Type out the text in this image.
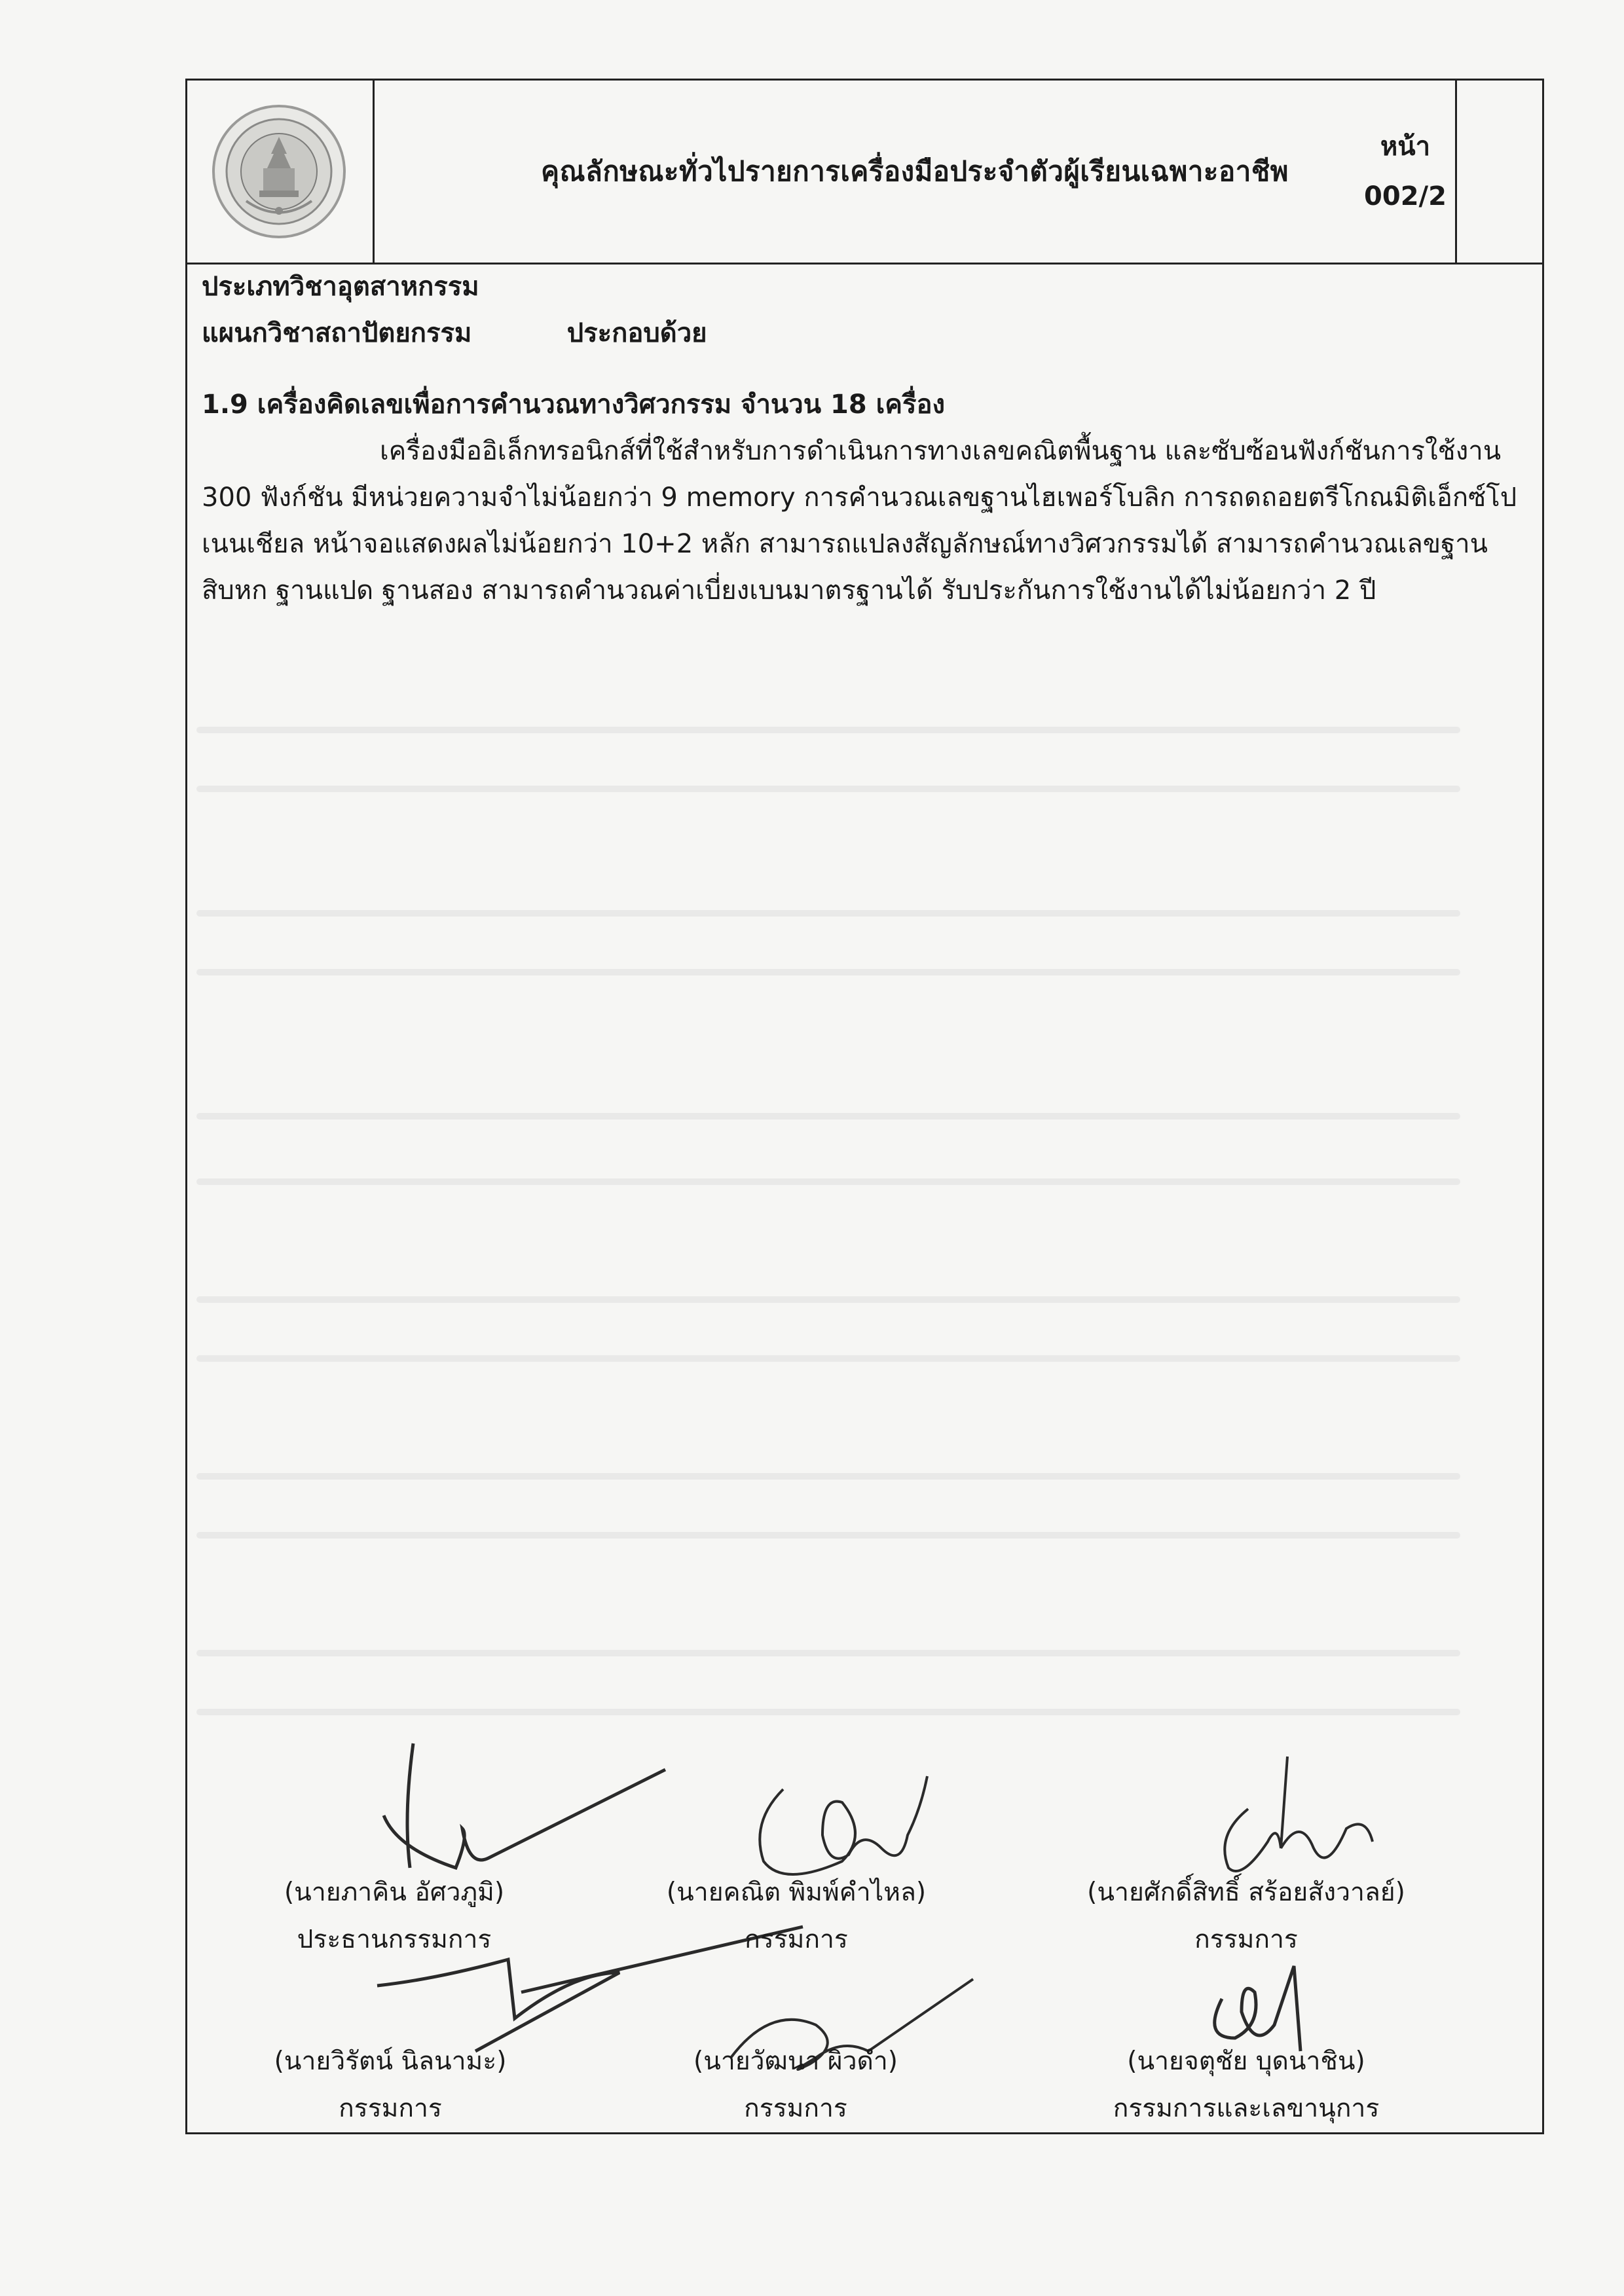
คุณลักษณะทั่วไปรายการเครื่องมือประจำตัวผู้เรียนเฉพาะอาชีพ
หน้า
002/2
ประเภทวิชาอุตสาหกรรม
แผนกวิชาสถาปัตยกรรม	ประกอบด้วย
1.9 เครื่องคิดเลขเพื่อการคำนวณทางวิศวกรรม จำนวน 18 เครื่อง
เครื่องมืออิเล็กทรอนิกส์ที่ใช้สำหรับการดำเนินการทางเลขคณิตพื้นฐาน และซับซ้อนฟังก์ชันการใช้งาน 300 ฟังก์ชัน มีหน่วยความจำไม่น้อยกว่า 9 memory การคำนวณเลขฐานไฮเพอร์โบลิก การถดถอยตรีโกณมิติเอ็กซ์โปเนนเชียล หน้าจอแสดงผลไม่น้อยกว่า 10+2 หลัก สามารถแปลงสัญลักษณ์ทางวิศวกรรมได้ สามารถคำนวณเลขฐานสิบหก ฐานแปด ฐานสอง สามารถคำนวณค่าเบี่ยงเบนมาตรฐานได้ รับประกันการใช้งานได้ไม่น้อยกว่า 2 ปี
(นายภาคิน อัศวภูมิ)
ประธานกรรมการ
(นายคณิต พิมพ์คำไหล)
กรรมการ
(นายศักดิ์สิทธิ์ สร้อยสังวาลย์)
กรรมการ
(นายวิรัตน์ นิลนามะ)
กรรมการ
(นายวัฒนา ผิวดำ)
กรรมการ
(นายจตุชัย บุดนาชิน)
กรรมการและเลขานุการ
